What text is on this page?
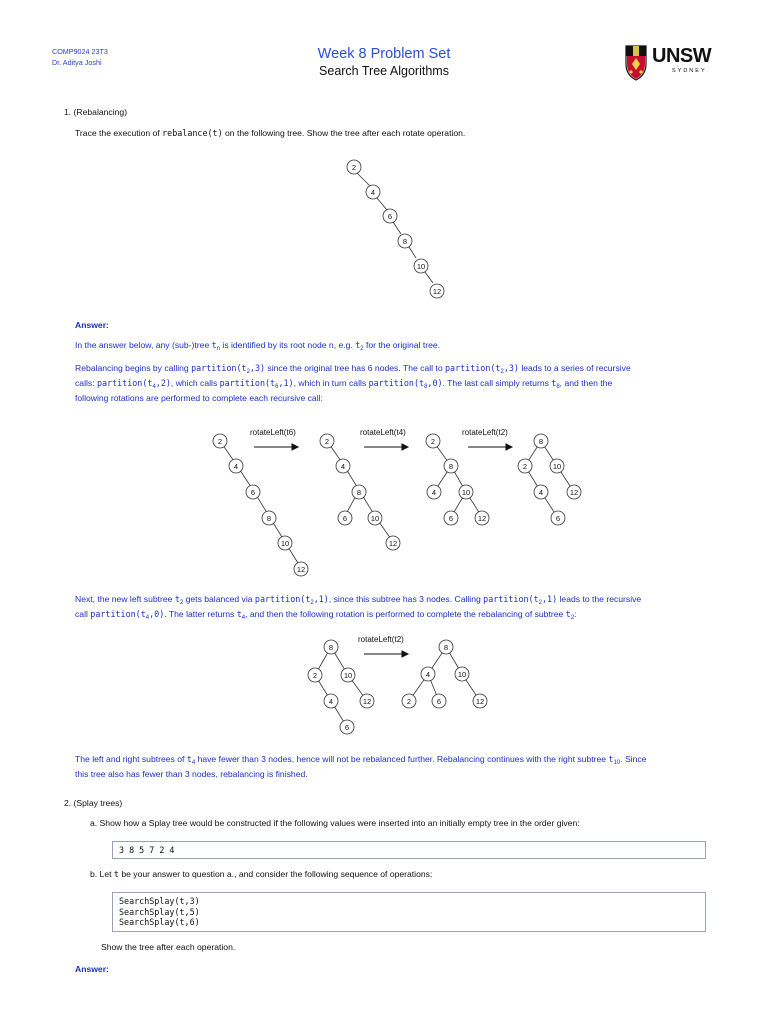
COMP9024 23T3
Dr. Aditya Joshi
Week 8 Problem Set
Search Tree Algorithms
UNSW
SYDNEY
1. (Rebalancing)
Trace the execution of rebalance(t) on the following tree. Show the tree after each rotate operation.
2
4
6
8
10
12
Answer:
In the answer below, any (sub-)tree $t_n$ is identified by its root node n, e.g. $t_2$ for the original tree.
Rebalancing begins by calling $partition(t_2,3)$ since the original tree has 6 nodes. The call to $partition(t_2,3)$ leads to a series of recursive
calls: $partition(t_4,2)$, which calls $partition(t_6,1)$, which in turn calls $partition(t_8,0)$. The last call simply returns $t_8$, and then the
following rotations are performed to complete each recursive call:
rotateLeft(t6)	rotateLeft(t4)	rotateLeft(t2)
2
4
6
8
10
12
2
4
8
6	10
12
2
8
4	10
6	12
8
2	10
4	12
6
Next, the new left subtree $t_2$ gets balanced via $partition(t_2,1)$, since this subtree has 3 nodes. Calling $partition(t_2,1)$ leads to the recursive
call $partition(t_4,0)$. The latter returns $t_4$, and then the following rotation is performed to complete the rebalancing of subtree $t_2$:
rotateLeft(t2)
8
2	10
4	12
6
8
4	10
2	6	12
The left and right subtrees of $t_4$ have fewer than 3 nodes, hence will not be rebalanced further. Rebalancing continues with the right subtree $t_{10}$. Since
this tree also has fewer than 3 nodes, rebalancing is finished.
2. (Splay trees)
a. Show how a Splay tree would be constructed if the following values were inserted into an initially empty tree in the order given:
3 8 5 7 2 4
b. Let t be your answer to question a., and consider the following sequence of operations:
SearchSplay(t,3)
SearchSplay(t,5)
SearchSplay(t,6)
Show the tree after each operation.
Answer:
